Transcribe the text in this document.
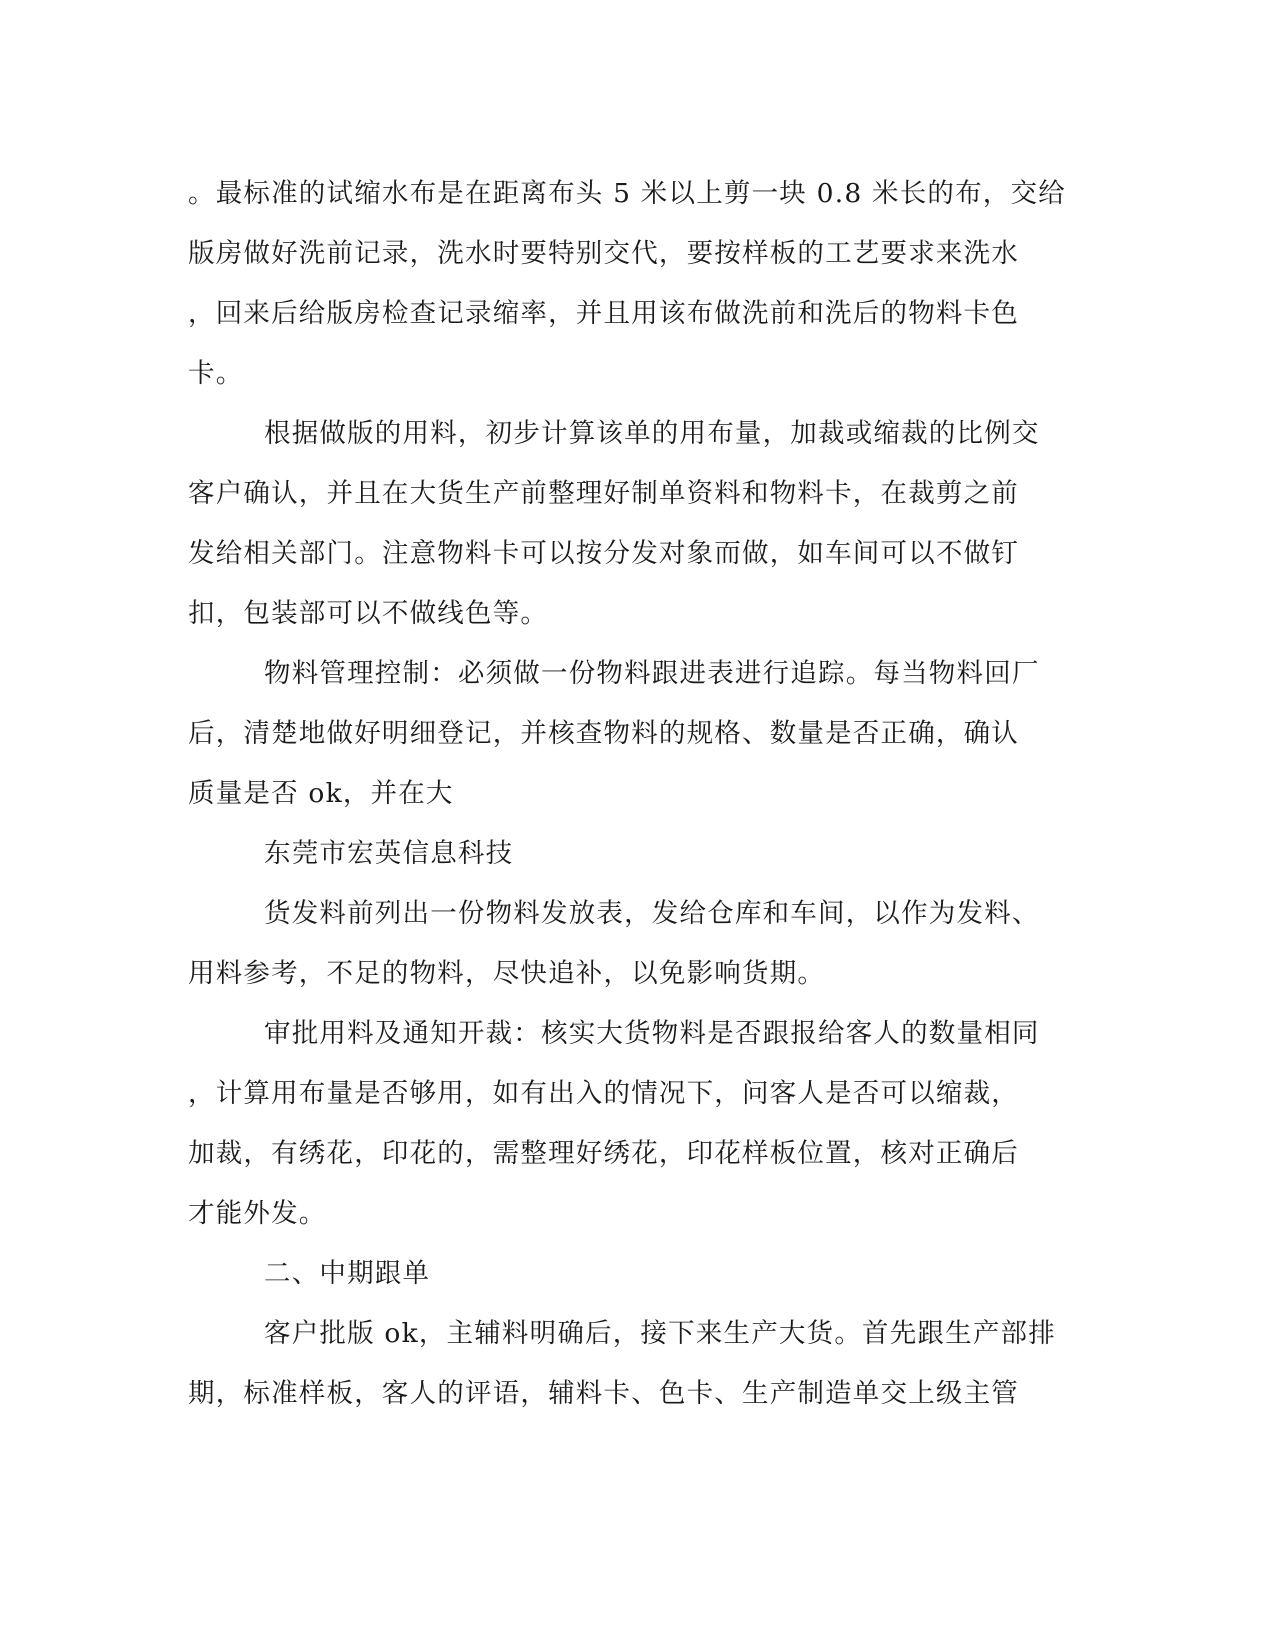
。最标准的试缩水布是在距离布头 5 米以上剪一块 0.8 米长的布，交给
版房做好洗前记录，洗水时要特别交代，要按样板的工艺要求来洗水
，回来后给版房检查记录缩率，并且用该布做洗前和洗后的物料卡色
卡。
根据做版的用料，初步计算该单的用布量，加裁或缩裁的比例交
客户确认，并且在大货生产前整理好制单资料和物料卡，在裁剪之前
发给相关部门。注意物料卡可以按分发对象而做，如车间可以不做钉
扣，包装部可以不做线色等。
物料管理控制：必须做一份物料跟进表进行追踪。每当物料回厂
后，清楚地做好明细登记，并核查物料的规格、数量是否正确，确认
质量是否 ok，并在大
东莞市宏英信息科技
货发料前列出一份物料发放表，发给仓库和车间，以作为发料、
用料参考，不足的物料，尽快追补，以免影响货期。
审批用料及通知开裁：核实大货物料是否跟报给客人的数量相同
，计算用布量是否够用，如有出入的情况下，问客人是否可以缩裁，
加裁，有绣花，印花的，需整理好绣花，印花样板位置，核对正确后
才能外发。
二、中期跟单
客户批版 ok，主辅料明确后，接下来生产大货。首先跟生产部排
期，标准样板，客人的评语，辅料卡、色卡、生产制造单交上级主管
